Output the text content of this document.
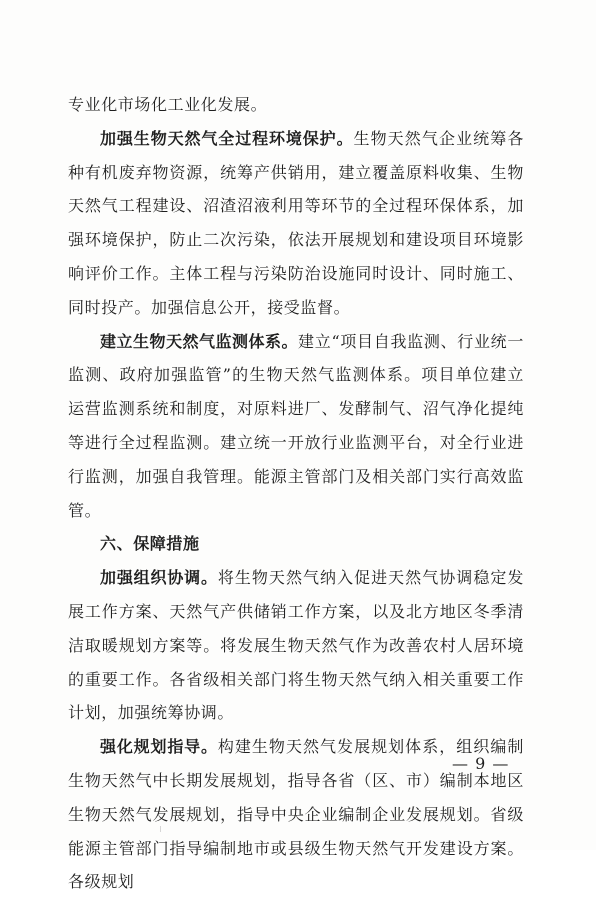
专业化市场化工业化发展。

加强生物天然气全过程环境保护。生物天然气企业统筹各种有机废弃物资源，统筹产供销用，建立覆盖原料收集、生物天然气工程建设、沼渣沼液利用等环节的全过程环保体系，加强环境保护，防止二次污染，依法开展规划和建设项目环境影响评价工作。主体工程与污染防治设施同时设计、同时施工、同时投产。加强信息公开，接受监督。

建立生物天然气监测体系。建立“项目自我监测、行业统一监测、政府加强监管”的生物天然气监测体系。项目单位建立运营监测系统和制度，对原料进厂、发酵制气、沼气净化提纯等进行全过程监测。建立统一开放行业监测平台，对全行业进行监测，加强自我管理。能源主管部门及相关部门实行高效监管。

六、保障措施

加强组织协调。将生物天然气纳入促进天然气协调稳定发展工作方案、天然气产供储销工作方案，以及北方地区冬季清洁取暖规划方案等。将发展生物天然气作为改善农村人居环境的重要工作。各省级相关部门将生物天然气纳入相关重要工作计划，加强统筹协调。

强化规划指导。构建生物天然气发展规划体系，组织编制生物天然气中长期发展规划，指导各省（区、市）编制本地区生物天然气发展规划，指导中央企业编制企业发展规划。省级能源主管部门指导编制地市或县级生物天然气开发建设方案。各级规划

— 9 —
